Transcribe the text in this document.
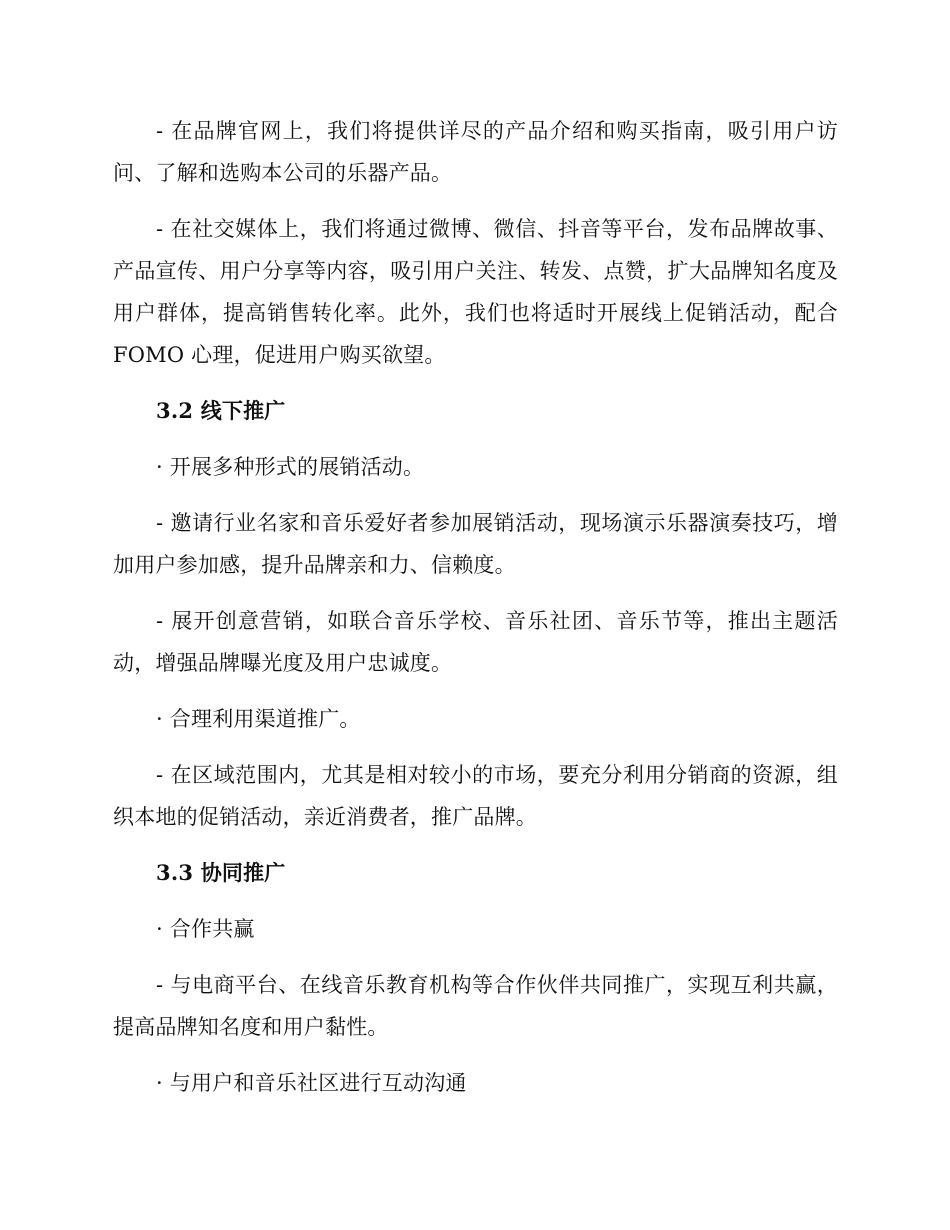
- 在品牌官网上，我们将提供详尽的产品介绍和购买指南，吸引用户访问、了解和选购本公司的乐器产品。

- 在社交媒体上，我们将通过微博、微信、抖音等平台，发布品牌故事、产品宣传、用户分享等内容，吸引用户关注、转发、点赞，扩大品牌知名度及用户群体，提高销售转化率。此外，我们也将适时开展线上促销活动，配合 FOMO 心理，促进用户购买欲望。

3.2 线下推广

· 开展多种形式的展销活动。

- 邀请行业名家和音乐爱好者参加展销活动，现场演示乐器演奏技巧，增加用户参加感，提升品牌亲和力、信赖度。

- 展开创意营销，如联合音乐学校、音乐社团、音乐节等，推出主题活动，增强品牌曝光度及用户忠诚度。

· 合理利用渠道推广。

- 在区域范围内，尤其是相对较小的市场，要充分利用分销商的资源，组织本地的促销活动，亲近消费者，推广品牌。

3.3 协同推广

· 合作共赢

- 与电商平台、在线音乐教育机构等合作伙伴共同推广，实现互利共赢，提高品牌知名度和用户黏性。

· 与用户和音乐社区进行互动沟通
